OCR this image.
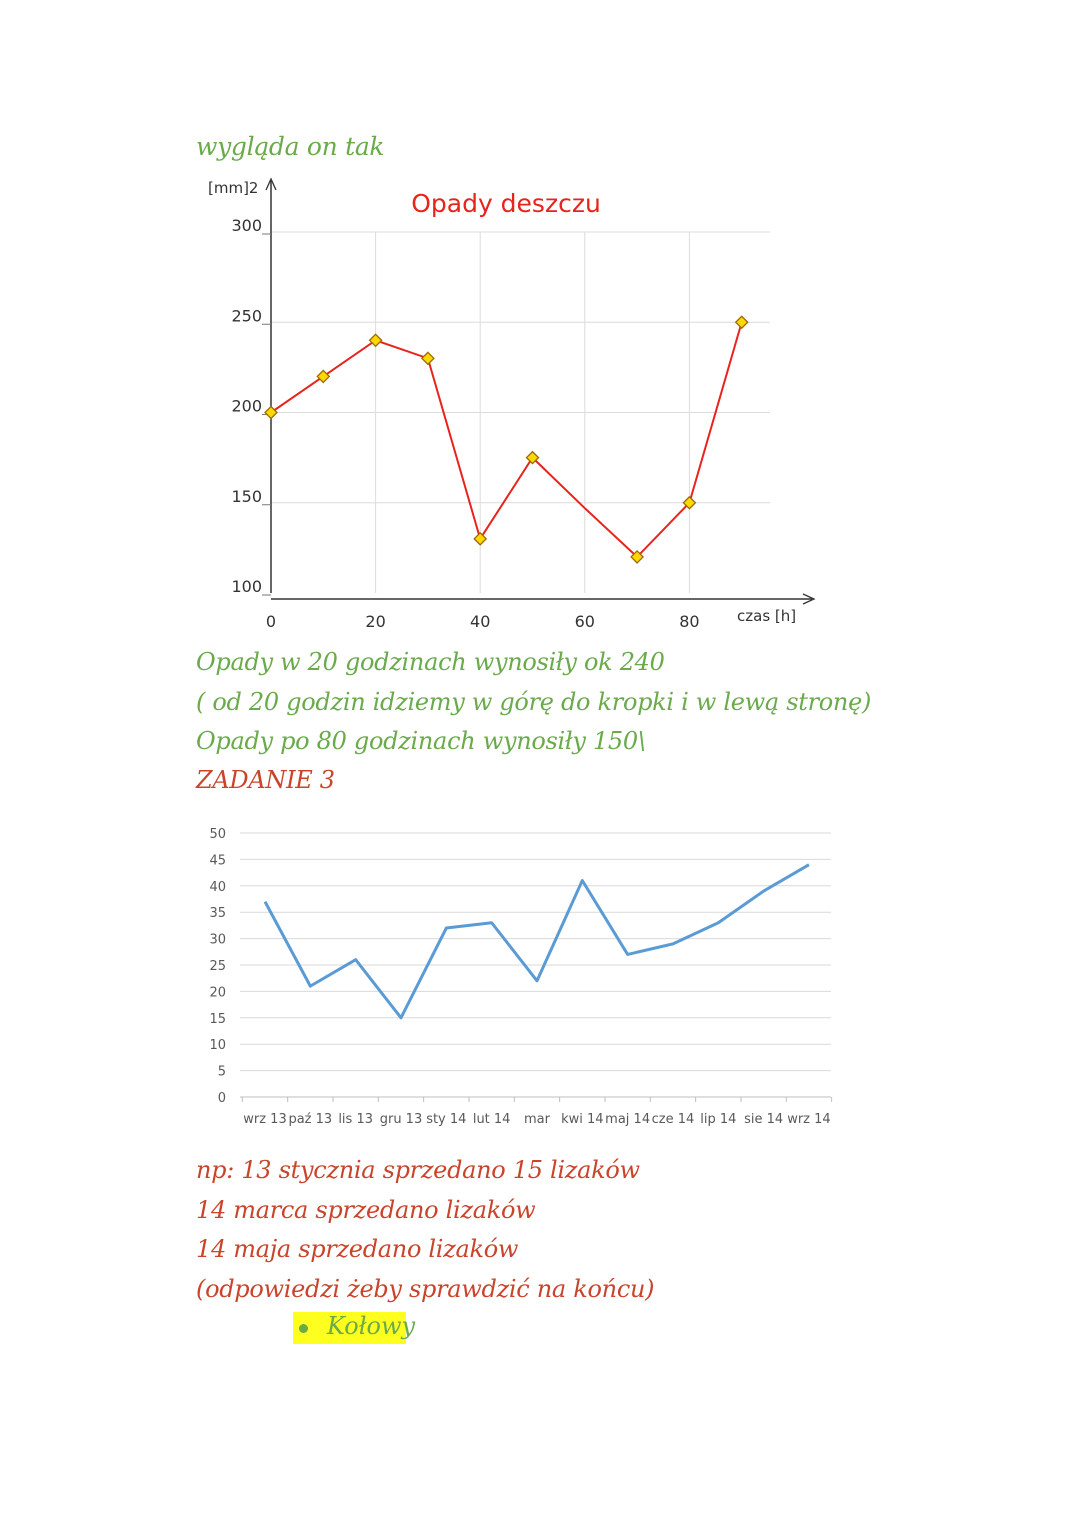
wygląda on tak
100
150
200
250
300
0	20	40	60	80
Opady deszczu
[mm]2
czas [h]
0
5
10
15
20
25
30
35
40
45
50
wrz 13 paź 13 lis 13 gru 13 sty 14 lut 14 mar kwi 14 maj 14 cze 14 lip 14 sie 14 wrz 14
Opady w 20 godzinach wynosiły ok 240
( od 20 godzin idziemy w górę do kropki i w lewą stronę)
Opady po 80 godzinach wynosiły 150\
ZADANIE 3
np: 13 stycznia sprzedano 15 lizaków
14 marca sprzedano lizaków
14 maja sprzedano lizaków
(odpowiedzi żeby sprawdzić na końcu)
Kołowy
